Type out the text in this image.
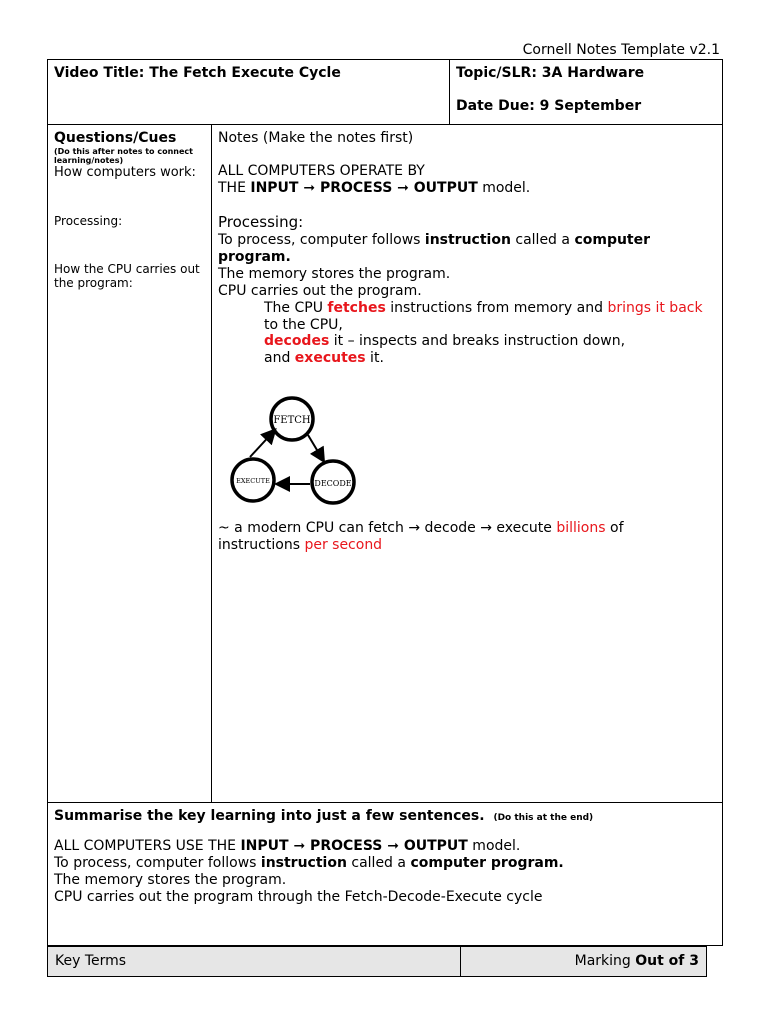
Cornell Notes Template v2.1
Video Title: The Fetch Execute Cycle	Topic/SLR: 3A Hardware
Date Due: 9 September
Questions/Cues
(Do this after notes to connect learning/notes)
How computers work:
Processing:
How the CPU carries out the program:
Notes (Make the notes first)
ALL COMPUTERS OPERATE BY
THE INPUT ➞ PROCESS ➞ OUTPUT model.
Processing:
To process, computer follows instruction called a computer
program.
The memory stores the program.
CPU carries out the program.
The CPU fetches instructions from memory and brings it back
to the CPU,
decodes it – inspects and breaks instruction down,
and executes it.
FETCH
DECODE
EXECUTE
~ a modern CPU can fetch → decode → execute billions of
instructions per second
Summarise the key learning into just a few sentences. (Do this at the end)
ALL COMPUTERS USE THE INPUT ➞ PROCESS ➞ OUTPUT model.
To process, computer follows instruction called a computer program.
The memory stores the program.
CPU carries out the program through the Fetch-Decode-Execute cycle
Key Terms	Marking Out of 3
